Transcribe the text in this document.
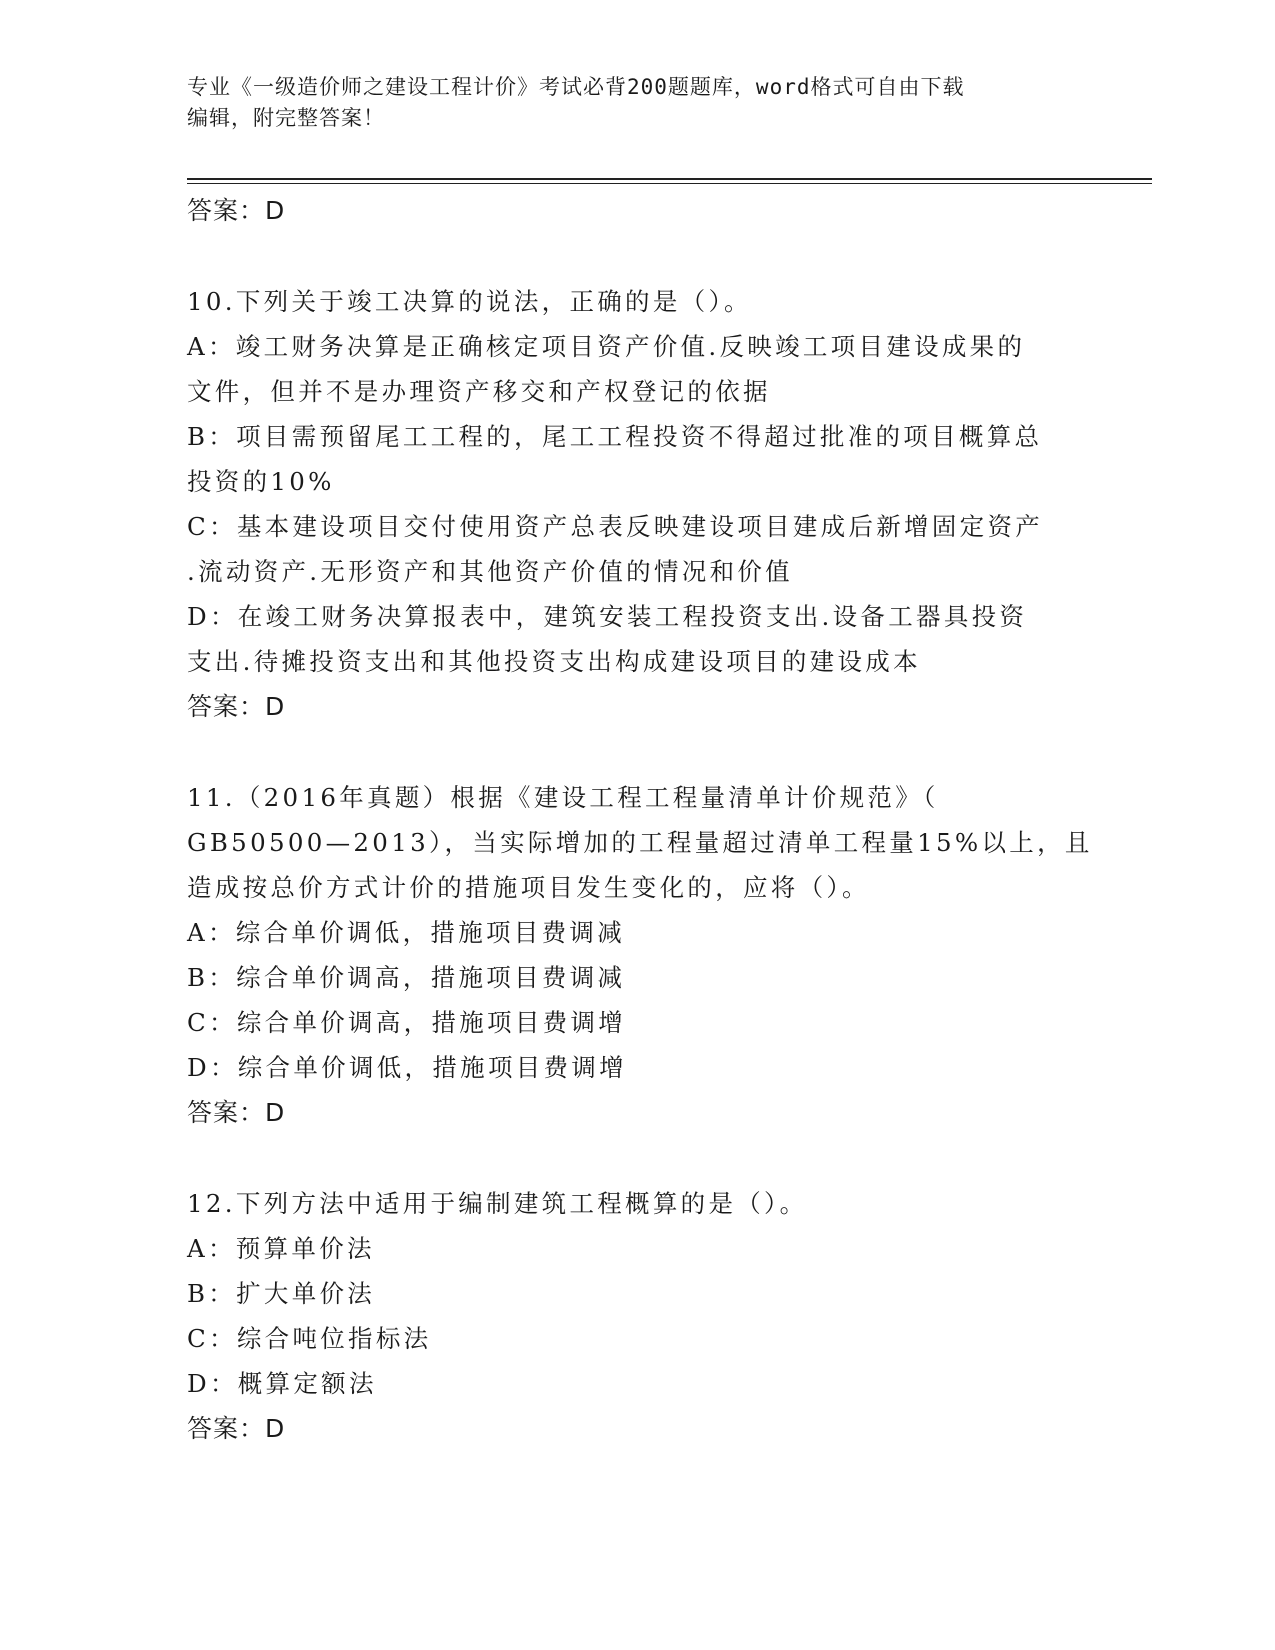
专业《一级造价师之建设工程计价》考试必背200题题库，word格式可自由下载
编辑，附完整答案！
答案：D
10.下列关于竣工决算的说法，正确的是（）。
A：竣工财务决算是正确核定项目资产价值.反映竣工项目建设成果的
文件，但并不是办理资产移交和产权登记的依据
B：项目需预留尾工工程的，尾工工程投资不得超过批准的项目概算总
投资的10%
C：基本建设项目交付使用资产总表反映建设项目建成后新增固定资产
.流动资产.无形资产和其他资产价值的情况和价值
D：在竣工财务决算报表中，建筑安装工程投资支出.设备工器具投资
支出.待摊投资支出和其他投资支出构成建设项目的建设成本
答案：D
11.（2016年真题）根据《建设工程工程量清单计价规范》（
GB50500—2013），当实际增加的工程量超过清单工程量15%以上，且
造成按总价方式计价的措施项目发生变化的，应将（）。
A：综合单价调低，措施项目费调减
B：综合单价调高，措施项目费调减
C：综合单价调高，措施项目费调增
D：综合单价调低，措施项目费调增
答案：D
12.下列方法中适用于编制建筑工程概算的是（）。
A：预算单价法
B：扩大单价法
C：综合吨位指标法
D：概算定额法
答案：D
